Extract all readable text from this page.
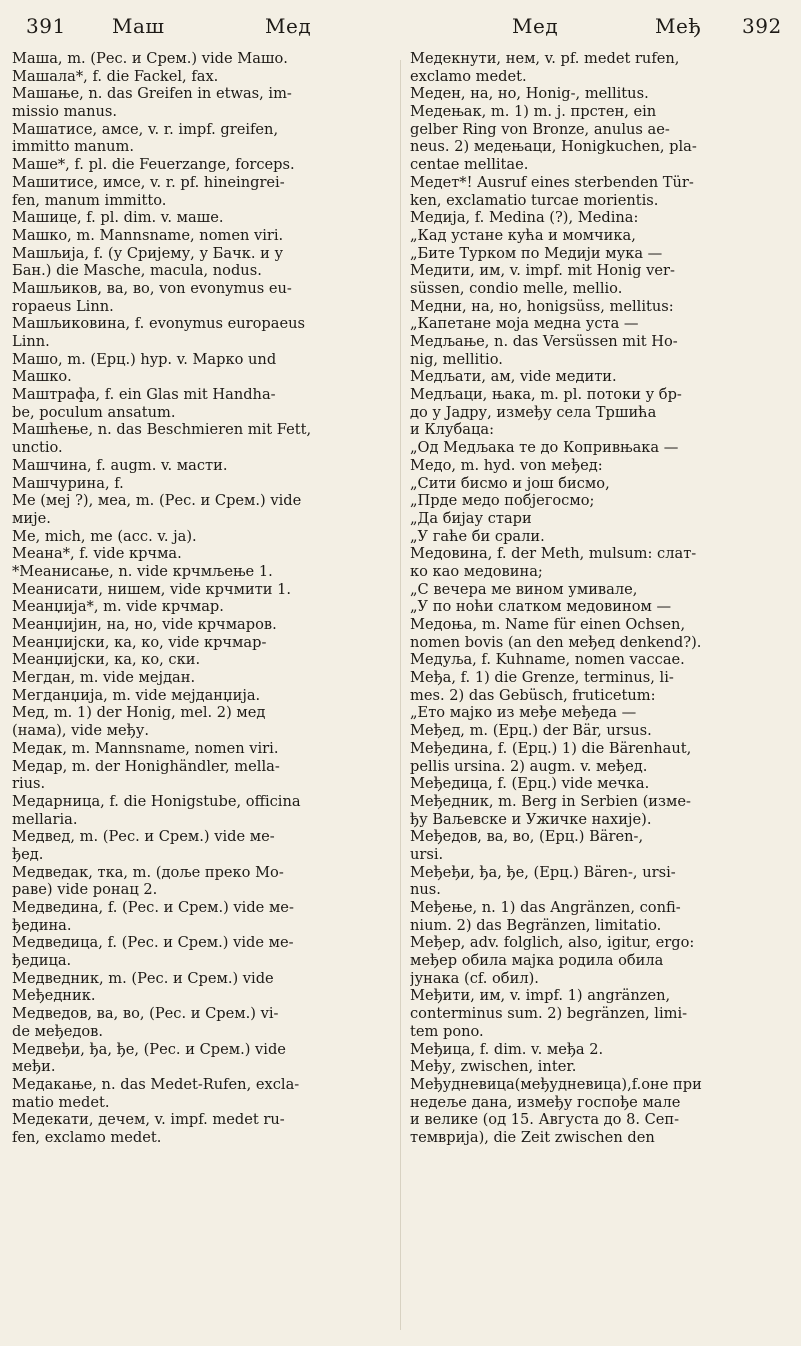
391 Маш	Мед	Мед	Међ 392
Маша, m. (Рес. и Срем.) vide Машо.
Машала*, f. die Fackel, fax.
Машање, n. das Greifen in etwas, im-
missio manus.
Машатисе, амсе, v. r. impf. greifen,
immitto manum.
Маше*, f. pl. die Feuerzange, forceps.
Машитисе, имсе, v. r. pf. hineingrei-
fen, manum immitto.
Машице, f. pl. dim. v. маше.
Машко, m. Mannsname, nomen viri.
Машљија, f. (у Сријему, у Бачк. и у
Бан.) die Masche, macula, nodus.
Машљиков, ва, во, von evonymus eu-
ropaeus Linn.
Машљиковина, f. evonymus europaeus
Linn.
Машо, m. (Ерц.) hyp. v. Марко und
Машко.
Маштрафа, f. ein Glas mit Handha-
be, poculum ansatum.
Машћење, n. das Beschmieren mit Fett,
unctio.
Машчина, f. augm. v. масти.
Машчурина, f.
Ме (меј ?), меа, m. (Рес. и Срем.) vide
мије.
Ме, mich, me (acc. v. ја).
Меана*, f. vide крчма.
*Меанисање, n. vide крчмљење 1.
Меанисати, нишем, vide крчмити 1.
Меанџија*, m. vide крчмар.
Меанџијин, на, но, vide крчмаров.
Меанџијски, ка, ко, vide крчмар-
Меанџијски, ка, ко, ски.
Мегдан, m. vide мејдан.
Мегданџија, m. vide мејданџија.
Мед, m. 1) der Honig, mel. 2) мед
(нама), vide међу.
Медак, m. Mannsname, nomen viri.
Медар, m. der Honighändler, mella-
rius.
Медарница, f. die Honigstube, officina
mellaria.
Медвед, m. (Рес. и Срем.) vide ме-
ђед.
Медведак, тка, m. (доље преко Мо-
раве) vide ронац 2.
Медведина, f. (Рес. и Срем.) vide ме-
ђедина.
Медведица, f. (Рес. и Срем.) vide ме-
ђедица.
Медведник, m. (Рес. и Срем.) vide
Међедник.
Медведов, ва, во, (Рес. и Срем.) vi-
de међедов.
Медвеђи, ђа, ђе, (Рес. и Срем.) vide
међи.
Медакање, n. das Medet-Rufen, excla-
matio medet.
Медекати, дечем, v. impf. medet ru-
fen, exclamo medet.
Медекнути, нем, v. pf. medet rufen,
exclamo medet.
Меден, на, но, Honig-, mellitus.
Медењак, m. 1) m. j. прстен, ein
gelber Ring von Bronze, anulus ae-
neus. 2) медењаци, Honigkuchen, pla-
centae mellitae.
Медет*! Ausruf eines sterbenden Tür-
ken, exclamatio turcae morientis.
Медија, f. Medina (?), Medina:
„Кад устане кућа и момчика,
„Бите Турком по Медији мука —
Медити, им, v. impf. mit Honig ver-
süssen, condio melle, mellio.
Медни, на, но, honigsüss, mellitus:
„Капетане моја медна уста —
Медљање, n. das Versüssen mit Ho-
nig, mellitio.
Медљати, ам, vide медити.
Медљаци, њака, m. pl. потоки у бр-
до у Јадру, између села Тршића
и Клубаца:
„Од Медљака те до Копривњака —
Медо, m. hyd. von међед:
„Сити бисмо и још бисмо,
„Прде медо побјегосмо;
„Да бијау стари
„У гаће би срали.
Медовина, f. der Meth, mulsum: слат-
ко као медовина;
„С вечера ме вином умивале,
„У по ноћи слатком медовином —
Медоња, m. Name für einen Ochsen,
nomen bovis (an den међед denkend?).
Медуља, f. Kuhname, nomen vaccae.
Међа, f. 1) die Grenze, terminus, li-
mes. 2) das Gebüsch, fruticetum:
„Ето мајко из међе међеда —
Међед, m. (Ерц.) der Bär, ursus.
Међедина, f. (Ерц.) 1) die Bärenhaut,
pellis ursina. 2) augm. v. међед.
Међедица, f. (Ерц.) vide мечка.
Међедник, m. Berg in Serbien (изме-
ђу Ваљевске и Ужичке нахије).
Међедов, ва, во, (Ерц.) Bären-,
ursi.
Међеђи, ђа, ђе, (Ерц.) Bären-, ursi-
nus.
Међење, n. 1) das Angränzen, confi-
nium. 2) das Begränzen, limitatio.
Међер, adv. folglich, also, igitur, ergo:
међер обила мајка родила обила
јунака (cf. обил).
Међити, им, v. impf. 1) angränzen,
conterminus sum. 2) begränzen, limi-
tem pono.
Међица, f. dim. v. међа 2.
Међу, zwischen, inter.
Међудневица(међудневица),f.оне при
недеље дана, између госпође мале
и велике (од 15. Августа до 8. Сеп-
темврија), die Zeit zwischen den
